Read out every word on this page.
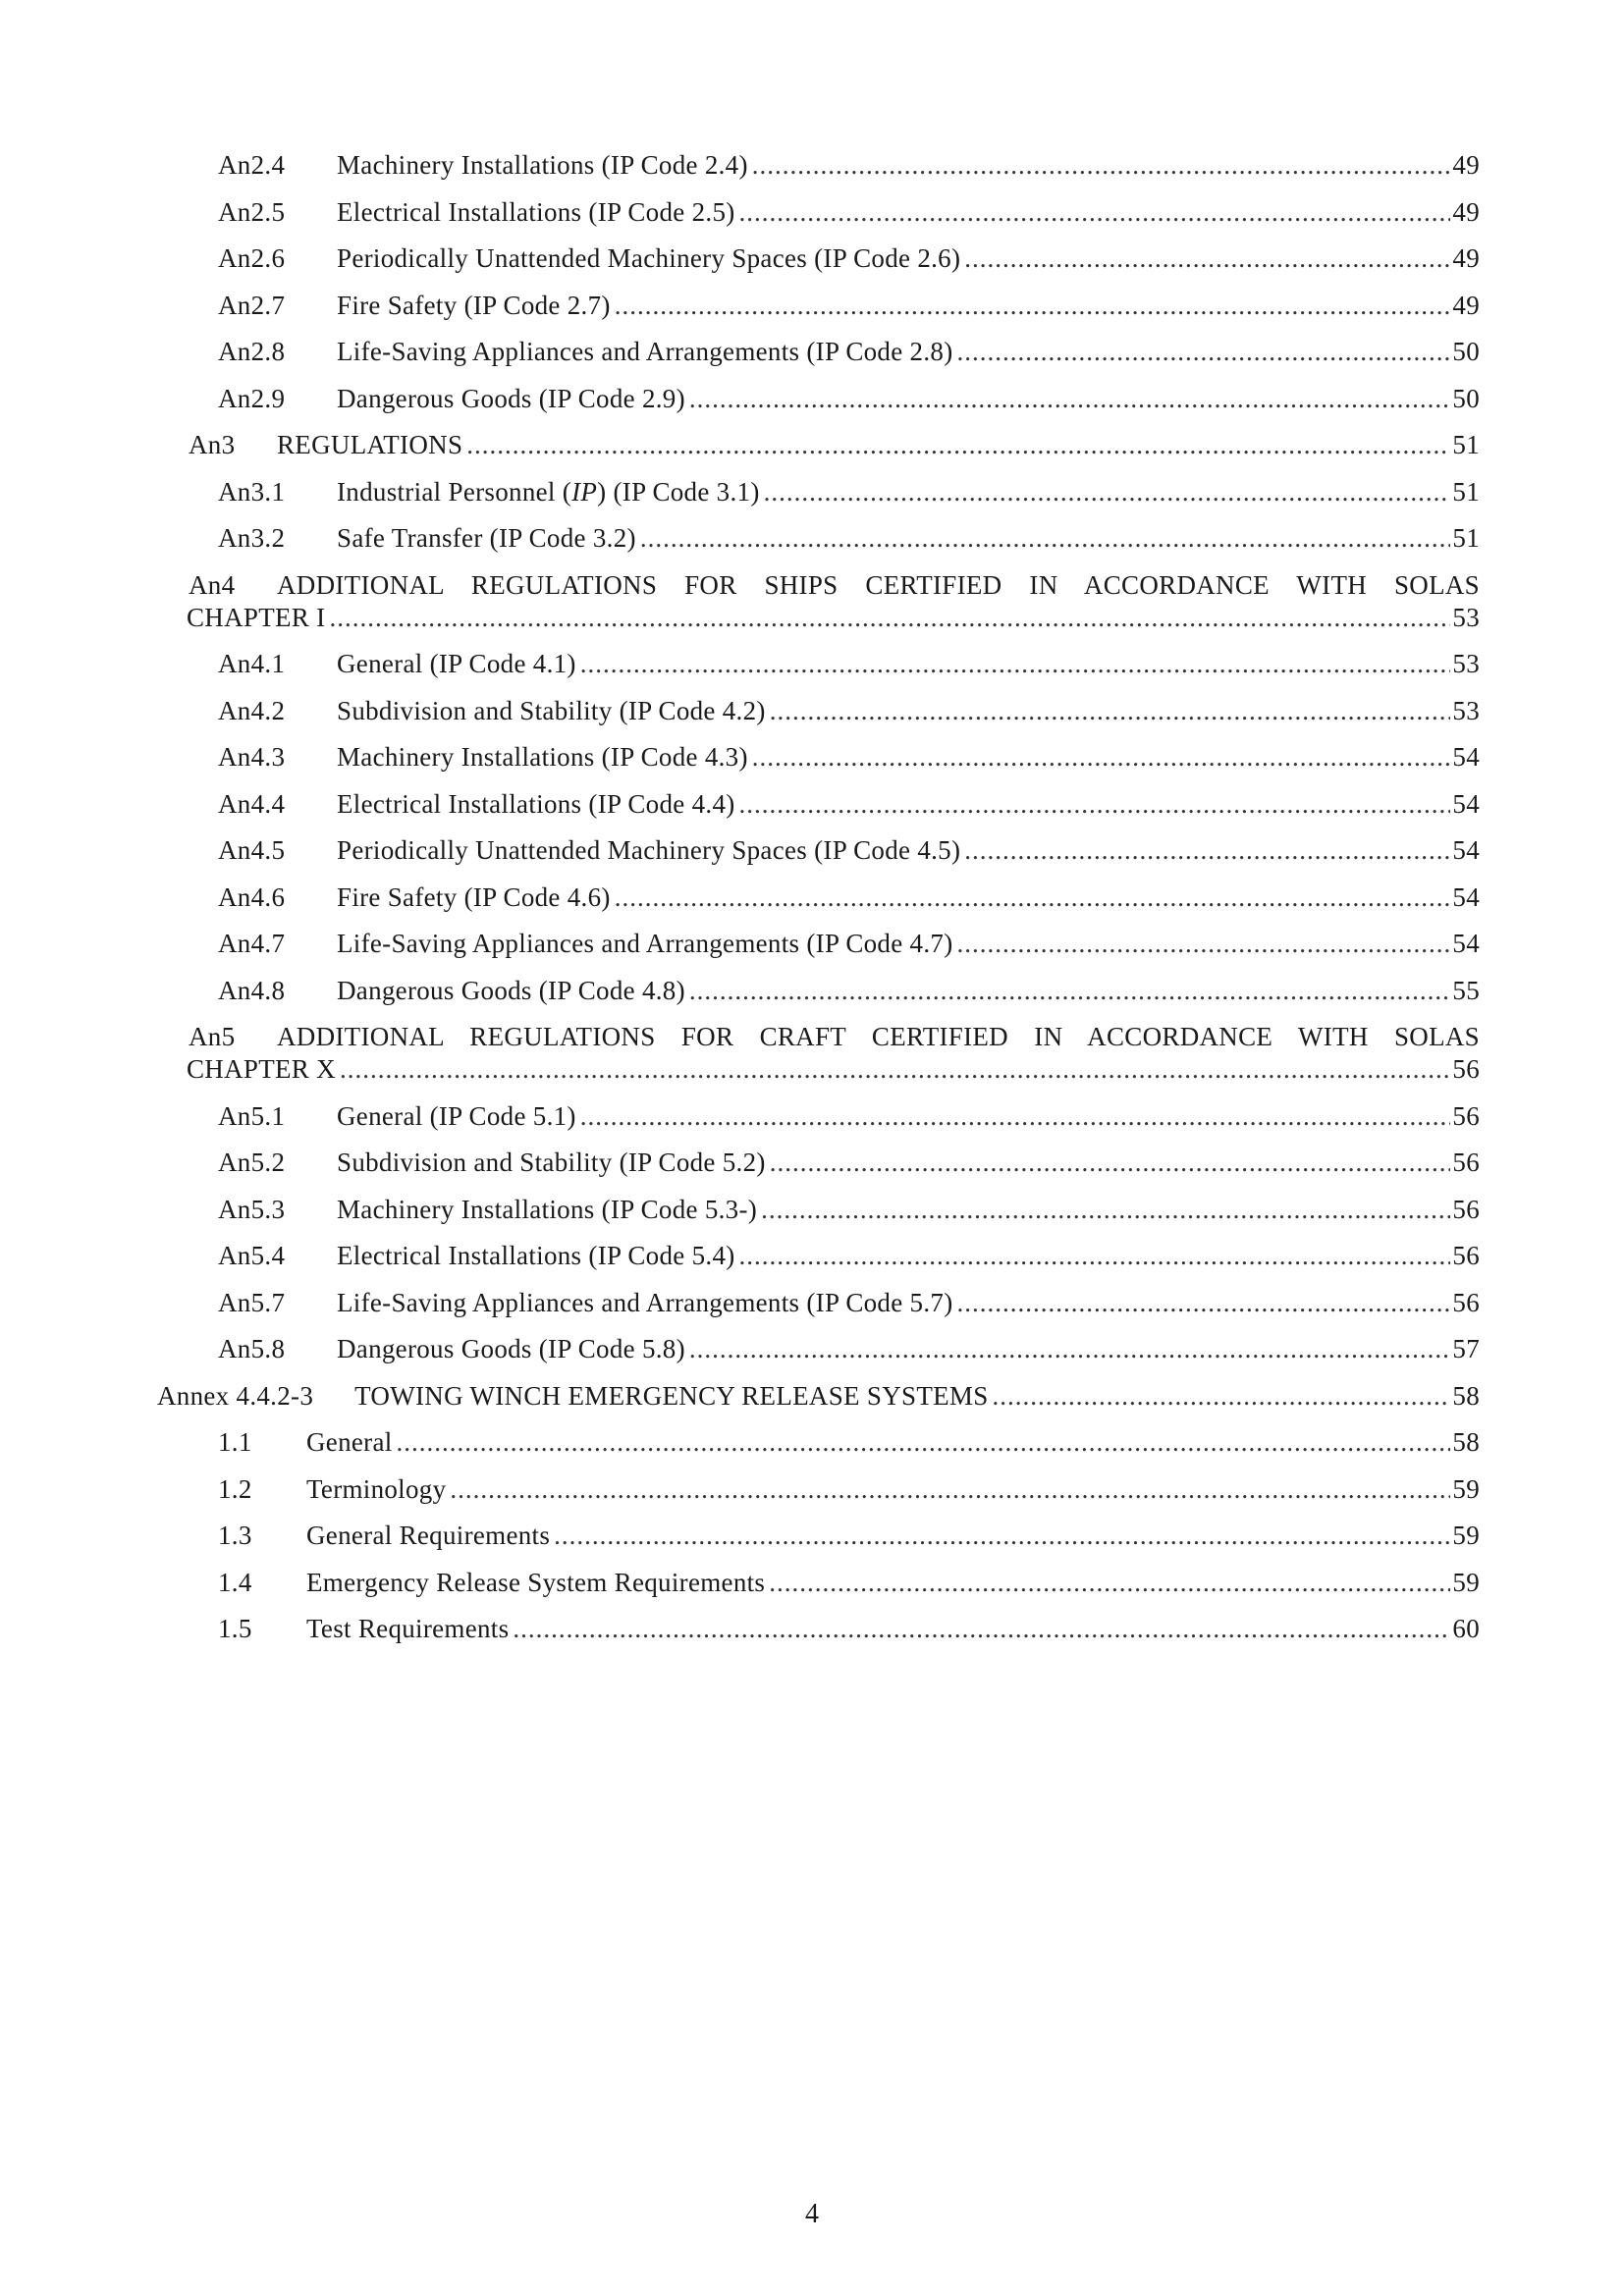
An2.4 Machinery Installations (IP Code 2.4) .....	49
An2.5 Electrical Installations (IP Code 2.5) .....	49
An2.6 Periodically Unattended Machinery Spaces (IP Code 2.6) .....	49
An2.7 Fire Safety (IP Code 2.7) .....	49
An2.8 Life-Saving Appliances and Arrangements (IP Code 2.8) .....	50
An2.9 Dangerous Goods (IP Code 2.9) .....	50
An3 REGULATIONS .....	51
An3.1 Industrial Personnel (IP) (IP Code 3.1) .....	51
An3.2 Safe Transfer (IP Code 3.2) .....	51
An4 ADDITIONAL REGULATIONS FOR SHIPS CERTIFIED IN ACCORDANCE WITH SOLAS
CHAPTER I .....	53
An4.1 General (IP Code 4.1) .....	53
An4.2 Subdivision and Stability (IP Code 4.2) .....	53
An4.3 Machinery Installations (IP Code 4.3) .....	54
An4.4 Electrical Installations (IP Code 4.4) .....	54
An4.5 Periodically Unattended Machinery Spaces (IP Code 4.5) .....	54
An4.6 Fire Safety (IP Code 4.6) .....	54
An4.7 Life-Saving Appliances and Arrangements (IP Code 4.7) .....	54
An4.8 Dangerous Goods (IP Code 4.8) .....	55
An5 ADDITIONAL REGULATIONS FOR CRAFT CERTIFIED IN ACCORDANCE WITH SOLAS
CHAPTER X .....	56
An5.1 General (IP Code 5.1) .....	56
An5.2 Subdivision and Stability (IP Code 5.2) .....	56
An5.3 Machinery Installations (IP Code 5.3-) .....	56
An5.4 Electrical Installations (IP Code 5.4) .....	56
An5.7 Life-Saving Appliances and Arrangements (IP Code 5.7) .....	56
An5.8 Dangerous Goods (IP Code 5.8) .....	57
Annex 4.4.2-3	TOWING WINCH EMERGENCY RELEASE SYSTEMS .....	58
1.1 General .....	58
1.2 Terminology .....	59
1.3 General Requirements .....	59
1.4 Emergency Release System Requirements .....	59
1.5 Test Requirements .....	60
4
